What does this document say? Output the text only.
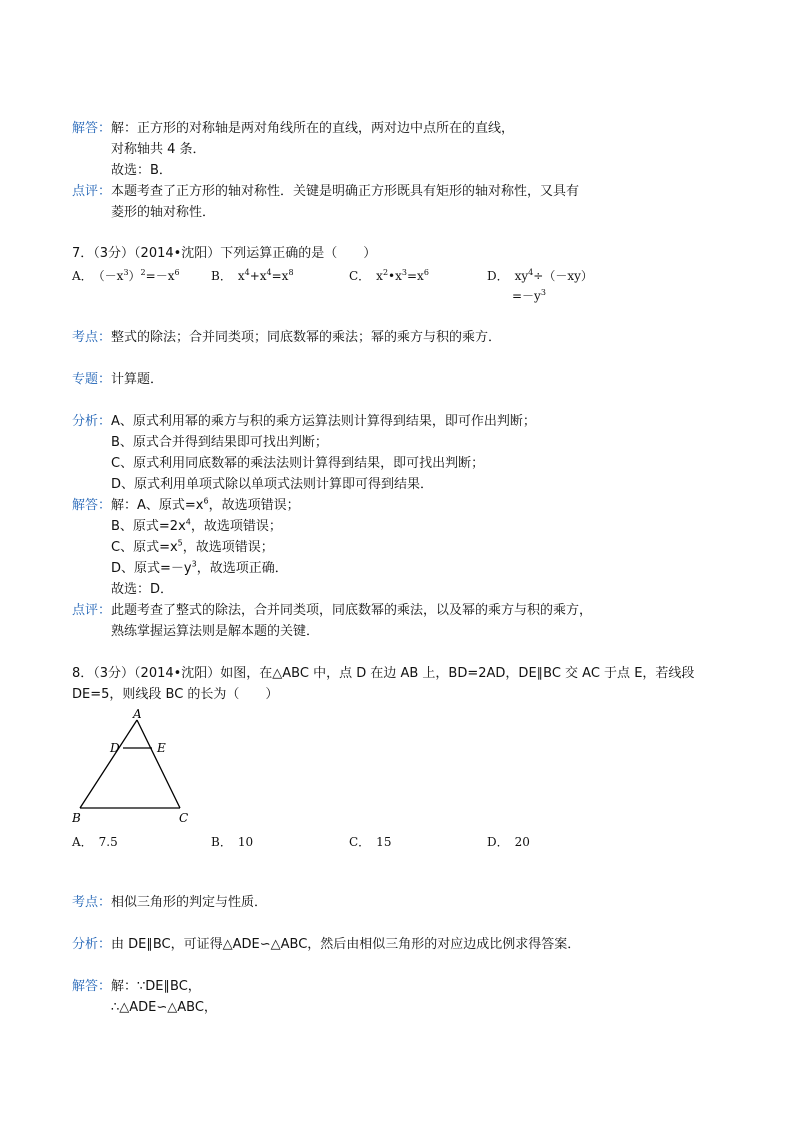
解答：解：正方形的对称轴是两对角线所在的直线，两对边中点所在的直线，
对称轴共 4 条．
故选：B．
点评：本题考查了正方形的轴对称性．关键是明确正方形既具有矩形的轴对称性，又具有
菱形的轴对称性．
7．（3分）（2014•沈阳）下列运算正确的是（　　）
A．　$(-x^3)^2=-x^6$	B．　$x^4+x^4=x^8$	C．　$x^2•x^3=x^6$	D．　$xy^4\div(-xy)$
$=-y^3$
考点：整式的除法；合并同类项；同底数幂的乘法；幂的乘方与积的乘方．
专题：计算题．
分析：A、原式利用幂的乘方与积的乘方运算法则计算得到结果，即可作出判断；
B、原式合并得到结果即可找出判断；
C、原式利用同底数幂的乘法法则计算得到结果，即可找出判断；
D、原式利用单项式除以单项式法则计算即可得到结果．
解答：解：A、原式$=x^6$，故选项错误；
B、原式$=2x^4$，故选项错误；
C、原式$=x^5$，故选项错误；
D、原式$=-y^3$，故选项正确．
故选：D．
点评：此题考查了整式的除法，合并同类项，同底数幂的乘法，以及幂的乘方与积的乘方，
熟练掌握运算法则是解本题的关键．
8．（3分）（2014•沈阳）如图，在△ABC 中，点 D 在边 AB 上，BD=2AD，DE∥BC 交 AC 于点 E，若线段
DE=5，则线段 BC 的长为（　　）
A
D	E
B	C
A．　7.5	B．　10	C．　15	D．　20
考点：相似三角形的判定与性质．
分析：由 DE∥BC，可证得△ADE∽△ABC，然后由相似三角形的对应边成比例求得答案．
解答：解：∵DE∥BC，
∴△ADE∽△ABC，
